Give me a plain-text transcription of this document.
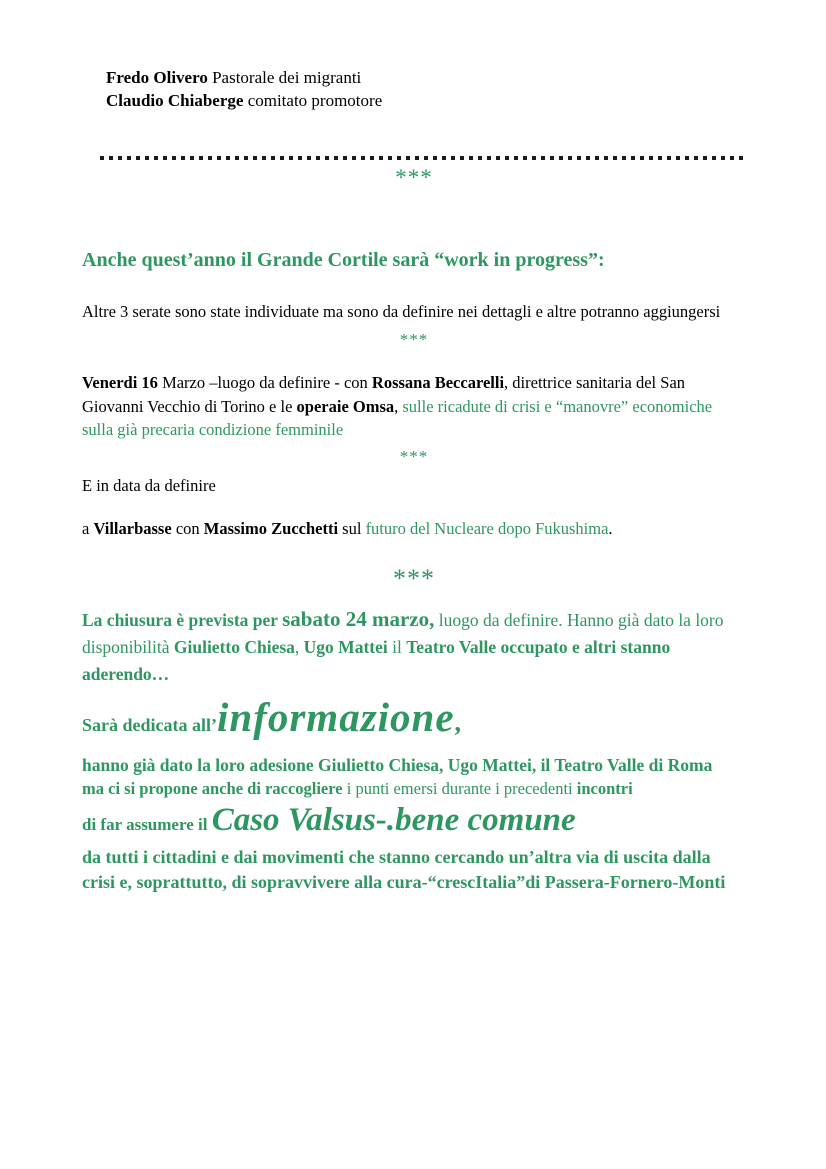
Fredo Olivero Pastorale dei migranti

Claudio Chiaberge comitato promotore

***
Anche quest’anno il Grande Cortile sarà “work in progress”:

Altre 3 serate sono state individuate ma sono da definire nei dettagli e altre potranno aggiungersi

***

Venerdi 16 Marzo –luogo da definire - con Rossana Beccarelli, direttrice sanitaria del San Giovanni Vecchio di Torino e le operaie Omsa, sulle ricadute di crisi e “manovre” economiche sulla già precaria condizione femminile

***

E in data da definire

a Villarbasse con Massimo Zucchetti sul futuro del Nucleare dopo Fukushima.

***

La chiusura è prevista per sabato 24 marzo, luogo da definire. Hanno già dato la loro disponibilità Giulietto Chiesa, Ugo Mattei il Teatro Valle occupato e altri stanno aderendo…

Sarà dedicata all’informazione,

hanno già dato la loro adesione Giulietto Chiesa, Ugo Mattei, il Teatro Valle di Roma

ma ci si propone anche di raccogliere i punti emersi durante i precedenti incontri

di far assumere il Caso Valsus-.bene comune

da tutti i cittadini e dai movimenti che stanno cercando un’altra via di uscita dalla crisi e, soprattutto, di sopravvivere alla cura-“crescItalia”di Passera-Fornero-Monti
